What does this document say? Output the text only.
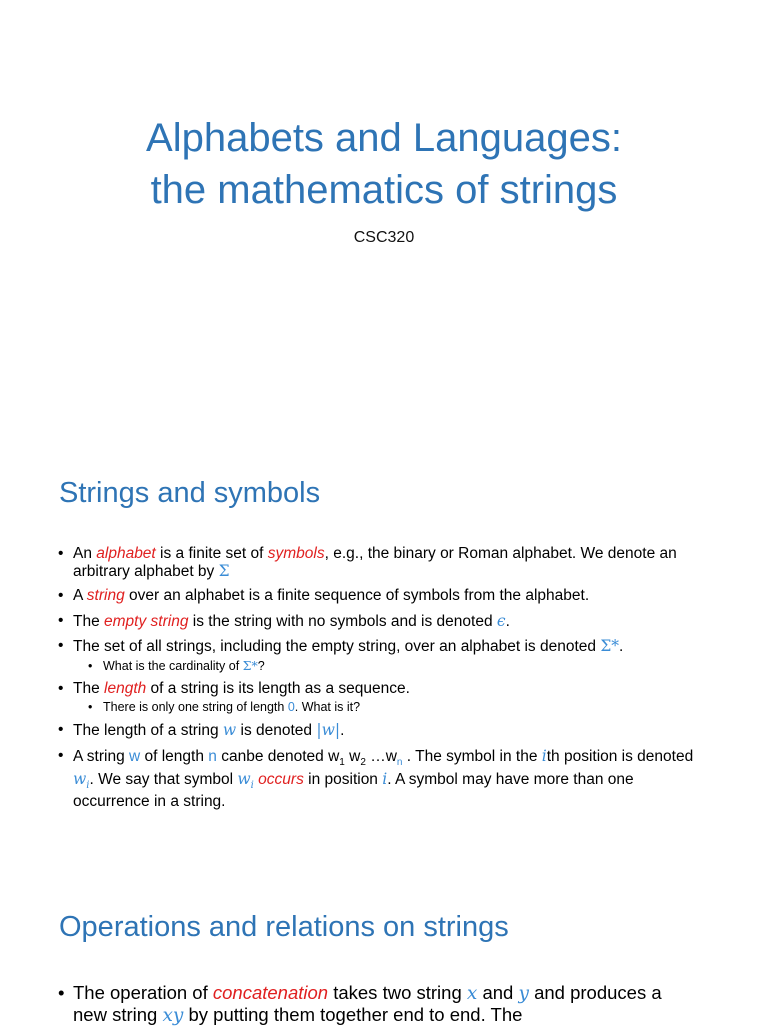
Alphabets and Languages:
the mathematics of strings

CSC320

Strings and symbols
• An alphabet is a finite set of symbols, e.g., the binary or Roman alphabet. We denote an arbitrary alphabet by Σ
• A string over an alphabet is a finite sequence of symbols from the alphabet.
• The empty string is the string with no symbols and is denoted ϵ.
• The set of all strings, including the empty string, over an alphabet is denoted Σ*.
• What is the cardinality of Σ*?
• The length of a string is its length as a sequence.
• There is only one string of length 0. What is it?
• The length of a string w is denoted |w|.
• A string w of length n canbe denoted $w_1$ $w_2$ $\dots w_n$ . The symbol in the ith position is denoted $w_i$. We say that symbol $w_i$ occurs in position i. A symbol may have more than one occurrence in a string.
Operations and relations on strings
• The operation of concatenation takes two string x and y and produces a new string xy by putting them together end to end. The
